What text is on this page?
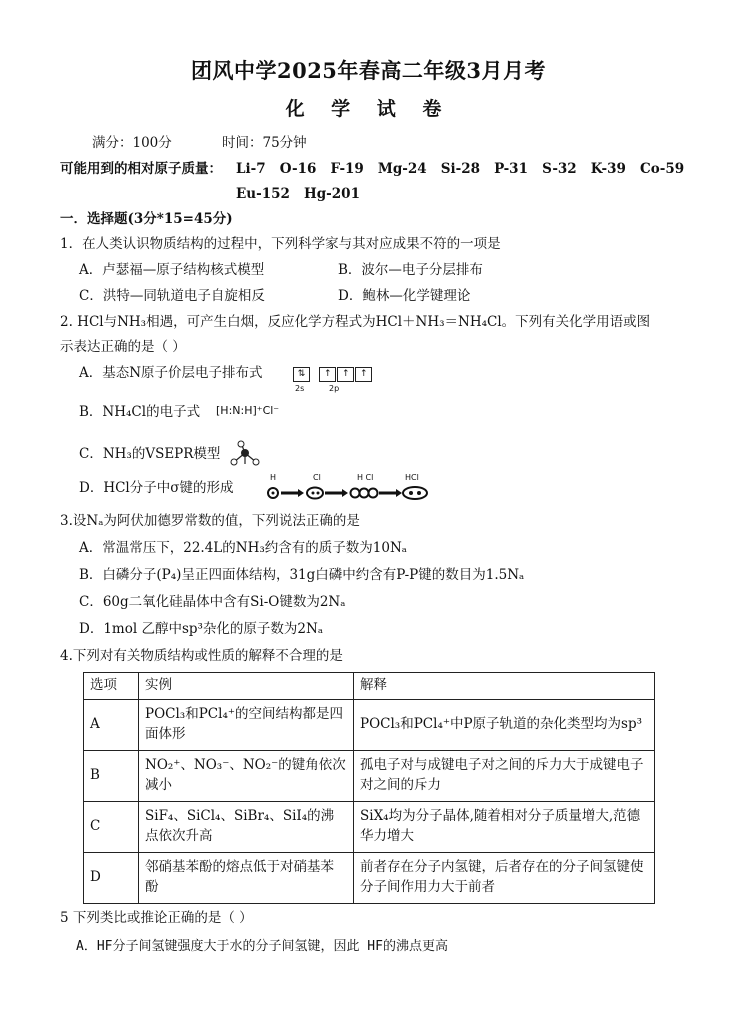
团风中学2025年春高二年级3月月考
化 学 试 卷
满分：100分	时间：75分钟
可能用到的相对原子质量： Li-7   O-16   F-19   Mg-24   Si-28   P-31   S-32   K-39   Co-59
Eu-152   Hg-201
一．选择题(3分*15=45分)
1．在人类认识物质结构的过程中，下列科学家与其对应成果不符的一项是
A．卢瑟福—原子结构核式模型	B．波尔—电子分层排布
C．洪特—同轨道电子自旋相反	D．鲍林—化学键理论
2. HCl与NH₃相遇，可产生白烟，反应化学方程式为HCl＋NH₃＝NH₄Cl。下列有关化学用语或图
示表达正确的是（ ）
A．基态N原子价层电子排布式	⇅
	↑	↑	↑
2s	2p
B．NH₄Cl的电子式 [H:N:H]⁺Cl⁻
C．NH₃的VSEPR模型
D．HCl分子中σ键的形成
H	Cl	H Cl	HCl
3.设Nₐ为阿伏加德罗常数的值，下列说法正确的是
A．常温常压下，22.4L的NH₃约含有的质子数为10Nₐ
B．白磷分子(P₄)呈正四面体结构，31g白磷中约含有P-P键的数目为1.5Nₐ
C．60g二氧化硅晶体中含有Si-O键数为2Nₐ
D．1mol 乙醇中sp³杂化的原子数为2Nₐ
4.下列对有关物质结构或性质的解释不合理的是
选项	实例	解释
A	POCl₃和PCl₄⁺的空间结构都是四面体形	POCl₃和PCl₄⁺中P原子轨道的杂化类型均为sp³
B	NO₂⁺、NO₃⁻、NO₂⁻的键角依次减小	孤电子对与成键电子对之间的斥力大于成键电子对之间的斥力
C	SiF₄、SiCl₄、SiBr₄、SiI₄的沸点依次升高	SiX₄均为分子晶体,随着相对分子质量增大,范德华力增大
D	邻硝基苯酚的熔点低于对硝基苯酚	前者存在分子内氢键，后者存在的分子间氢键使分子间作用力大于前者
5 下列类比或推论正确的是（ ）
A．HF分子间氢键强度大于水的分子间氢键，因此 HF的沸点更高
